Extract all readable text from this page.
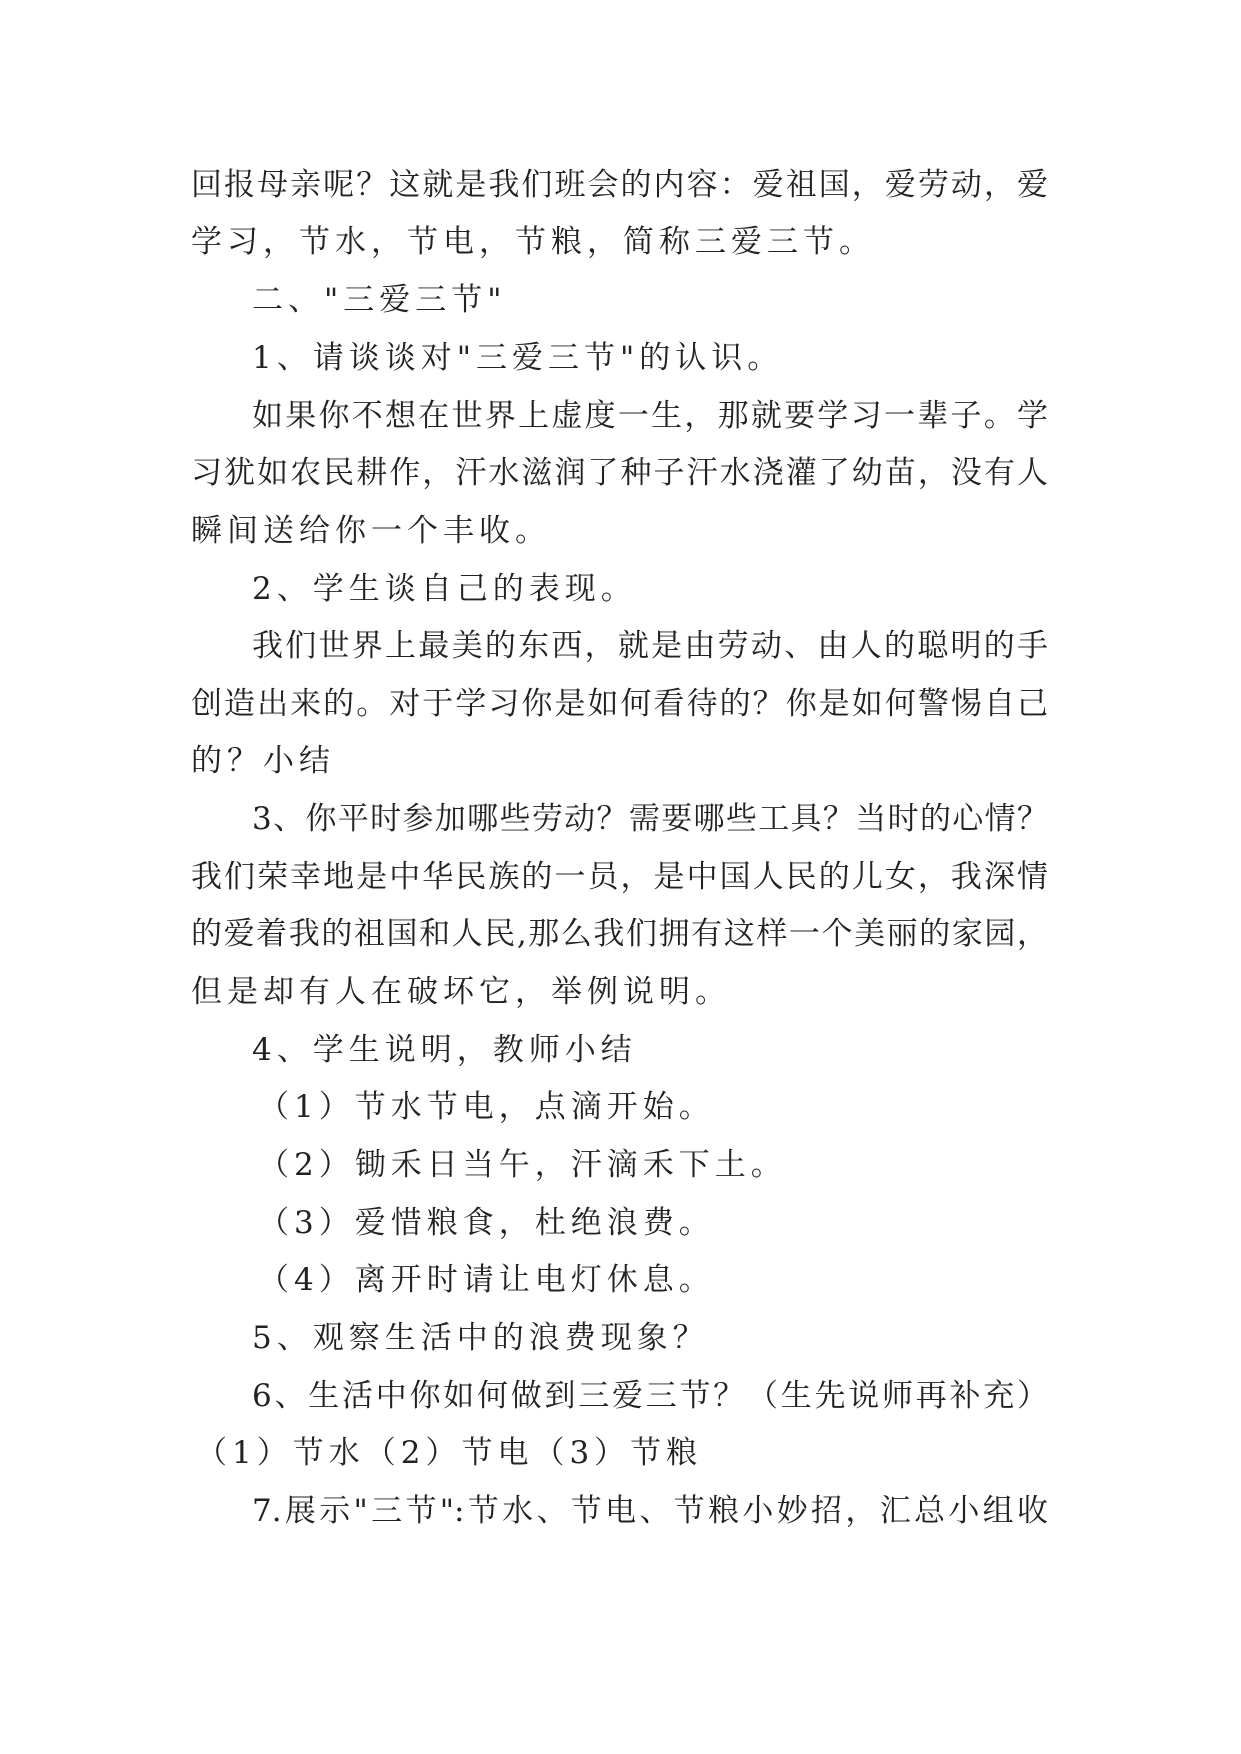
回报母亲呢？这就是我们班会的内容：爱祖国，爱劳动，爱
学习，节水，节电，节粮，简称三爱三节。
二、"三爱三节"
1、请谈谈对"三爱三节"的认识。
如果你不想在世界上虚度一生，那就要学习一辈子。学
习犹如农民耕作，汗水滋润了种子汗水浇灌了幼苗，没有人
瞬间送给你一个丰收。
2、学生谈自己的表现。
我们世界上最美的东西，就是由劳动、由人的聪明的手
创造出来的。对于学习你是如何看待的？你是如何警惕自己
的？小结
3、你平时参加哪些劳动？需要哪些工具？当时的心情？
我们荣幸地是中华民族的一员，是中国人民的儿女，我深情
的爱着我的祖国和人民,那么我们拥有这样一个美丽的家园，
但是却有人在破坏它，举例说明。
4、学生说明，教师小结
（1）节水节电，点滴开始。
（2）锄禾日当午，汗滴禾下土。
（3）爱惜粮食，杜绝浪费。
（4）离开时请让电灯休息。
5、观察生活中的浪费现象？
6、生活中你如何做到三爱三节？（生先说师再补充）
（1）节水（2）节电（3）节粮
7.展示"三节":节水、节电、节粮小妙招，汇总小组收
